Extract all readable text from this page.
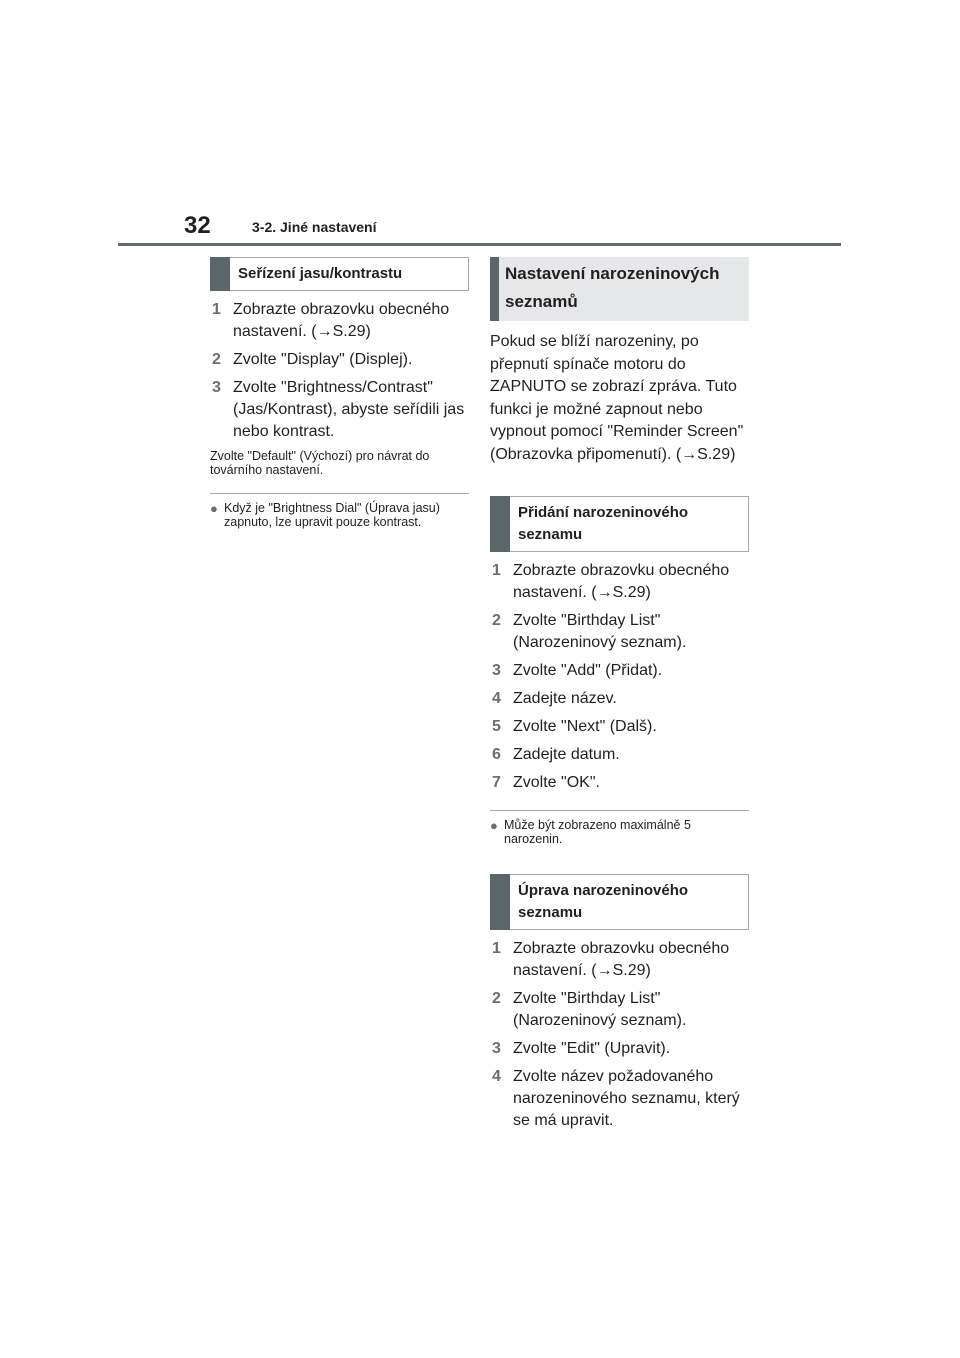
32	3-2. Jiné nastavení
Seřízení jasu/kontrastu
1 Zobrazte obrazovku obecného nastavení. (→S.29)
2 Zvolte "Display" (Displej).
3 Zvolte "Brightness/Contrast" (Jas/Kontrast), abyste seřídili jas nebo kontrast.

Zvolte "Default" (Výchozí) pro návrat do továrního nastavení.

● Když je "Brightness Dial" (Úprava jasu) zapnuto, lze upravit pouze kontrast.
Nastavení narozeninových seznamů

Pokud se blíží narozeniny, po přepnutí spínače motoru do ZAPNUTO se zobrazí zpráva. Tuto funkci je možné zapnout nebo vypnout pomocí "Reminder Screen" (Obrazovka připomenutí). (→S.29)

Přidání narozeninového seznamu
1 Zobrazte obrazovku obecného nastavení. (→S.29)
2 Zvolte "Birthday List" (Narozeninový seznam).
3 Zvolte "Add" (Přidat).
4 Zadejte název.
5 Zvolte "Next" (Dalš).
6 Zadejte datum.
7 Zvolte "OK".
● Může být zobrazeno maximálně 5 narozenin.
Úprava narozeninového seznamu
1 Zobrazte obrazovku obecného nastavení. (→S.29)
2 Zvolte "Birthday List" (Narozeninový seznam).
3 Zvolte "Edit" (Upravit).
4 Zvolte název požadovaného narozeninového seznamu, který se má upravit.
